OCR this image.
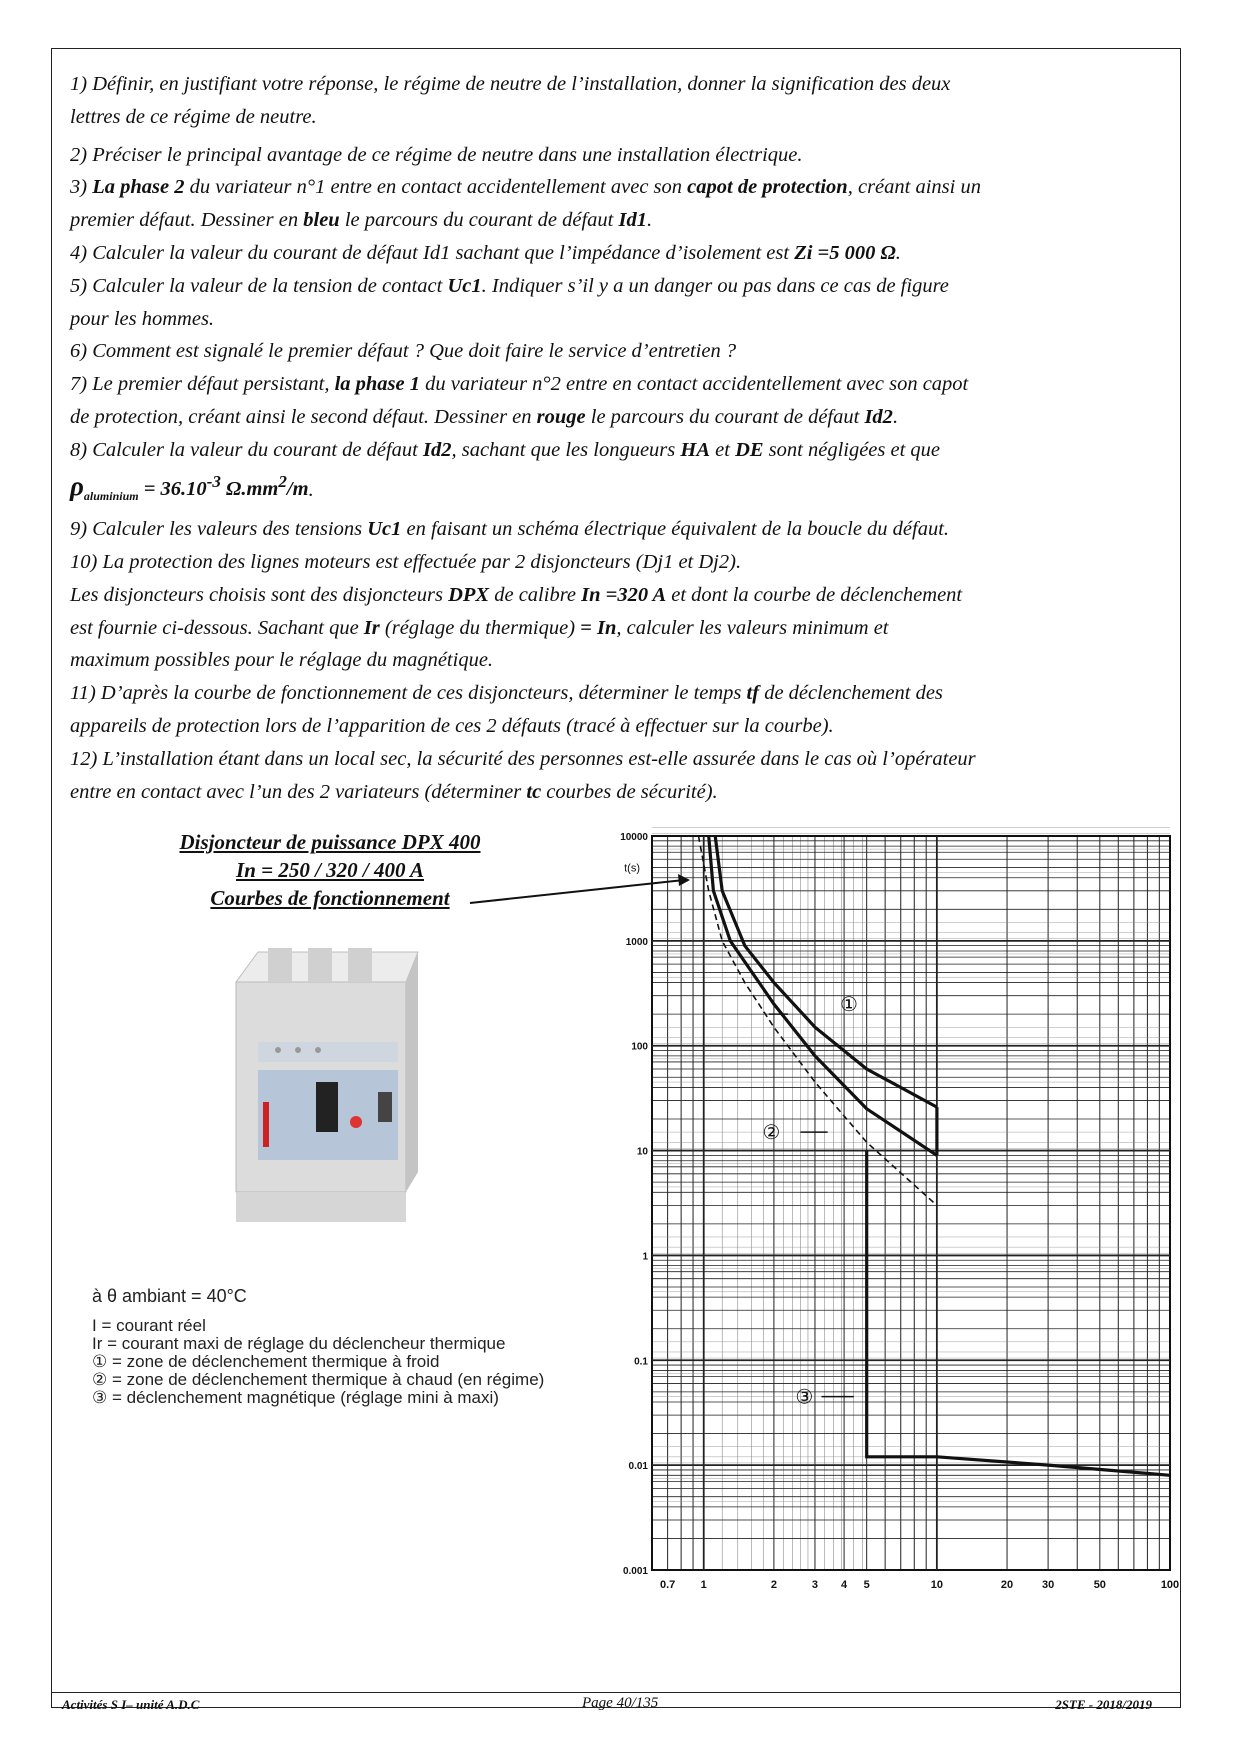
1) Définir, en justifiant votre réponse, le régime de neutre de l’installation, donner la signification des deux
lettres de ce régime de neutre.

2) Préciser le principal avantage de ce régime de neutre dans une installation électrique.

3) La phase 2 du variateur n°1 entre en contact accidentellement avec son capot de protection, créant ainsi un
premier défaut. Dessiner en bleu le parcours du courant de défaut Id1.

4) Calculer la valeur du courant de défaut Id1 sachant que l’impédance d’isolement est Zi =5 000 Ω.

5) Calculer la valeur de la tension de contact Uc1. Indiquer s’il y a un danger ou pas dans ce cas de figure
pour les hommes.

6) Comment est signalé le premier défaut ? Que doit faire le service d’entretien ?

7) Le premier défaut persistant, la phase 1 du variateur n°2 entre en contact accidentellement avec son capot
de protection, créant ainsi le second défaut. Dessiner en rouge le parcours du courant de défaut Id2.

8) Calculer la valeur du courant de défaut Id2, sachant que les longueurs HA et DE sont négligées et que
$\rho_{aluminium} = 36.10^{-3}$ $\Omega.mm^2/m$.

9) Calculer les valeurs des tensions Uc1 en faisant un schéma électrique équivalent de la boucle du défaut.

10) La protection des lignes moteurs est effectuée par 2 disjoncteurs (Dj1 et Dj2).
Les disjoncteurs choisis sont des disjoncteurs DPX de calibre In =320 A et dont la courbe de déclenchement
est fournie ci-dessous. Sachant que Ir (réglage du thermique) = In, calculer les valeurs minimum et
maximum possibles pour le réglage du magnétique.

11) D’après la courbe de fonctionnement de ces disjoncteurs, déterminer le temps tf de déclenchement des
appareils de protection lors de l’apparition de ces 2 défauts (tracé à effectuer sur la courbe).

12) L’installation étant dans un local sec, la sécurité des personnes est-elle assurée dans le cas où l’opérateur
entre en contact avec l’un des 2 variateurs (déterminer tc courbes de sécurité).

Disjoncteur de puissance DPX 400
In = 250 / 320 / 400 A
Courbes de fonctionnement
à θ ambiant = 40°C
I = courant réel
Ir = courant maxi de réglage du déclencheur thermique
① = zone de déclenchement thermique à froid
② = zone de déclenchement thermique à chaud (en régime)
③ = déclenchement magnétique (réglage mini à maxi)
0.7 1	2	3 4 5	10	20	30	50	100
10000
1000
100
10
1
0.1
0.01
0.001
t(s)
①
②
③
Activités S I– unité A.D.C	Page 40/135	2STE - 2018/2019
